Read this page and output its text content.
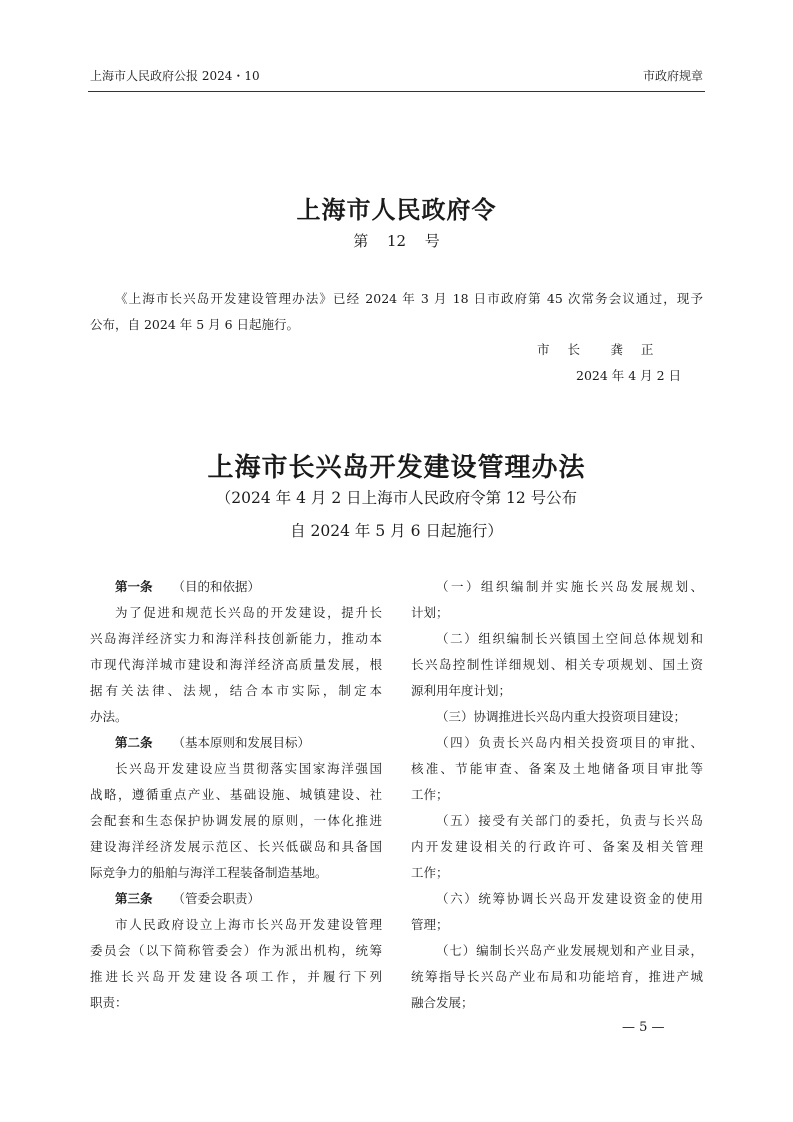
上海市人民政府公报 2024・10	市政府规章
上海市人民政府令
第 12 号
《上海市长兴岛开发建设管理办法》已经 2024 年 3 月 18 日市政府第 45 次常务会议通过，现予
公布，自 2024 年 5 月 6 日起施行。
市 长 　龚 正
2024 年 4 月 2 日
上海市长兴岛开发建设管理办法
（2024 年 4 月 2 日上海市人民政府令第 12 号公布
自 2024 年 5 月 6 日起施行）
第一条 （目的和依据）
为了促进和规范长兴岛的开发建设，提升长
兴岛海洋经济实力和海洋科技创新能力，推动本
市现代海洋城市建设和海洋经济高质量发展，根
据有关法律、法规，结合本市实际，制定本
办法。
第二条 （基本原则和发展目标）
长兴岛开发建设应当贯彻落实国家海洋强国
战略，遵循重点产业、基础设施、城镇建设、社
会配套和生态保护协调发展的原则，一体化推进
建设海洋经济发展示范区、长兴低碳岛和具备国
际竞争力的船舶与海洋工程装备制造基地。
第三条 （管委会职责）
市人民政府设立上海市长兴岛开发建设管理
委员会（以下简称管委会）作为派出机构，统筹
推进长兴岛开发建设各项工作，并履行下列
职责：
（一）组织编制并实施长兴岛发展规划、
计划；
（二）组织编制长兴镇国土空间总体规划和
长兴岛控制性详细规划、相关专项规划、国土资
源利用年度计划；
（三）协调推进长兴岛内重大投资项目建设；
（四）负责长兴岛内相关投资项目的审批、
核准、节能审查、备案及土地储备项目审批等
工作；
（五）接受有关部门的委托，负责与长兴岛
内开发建设相关的行政许可、备案及相关管理
工作；
（六）统筹协调长兴岛开发建设资金的使用
管理；
（七）编制长兴岛产业发展规划和产业目录，
统筹指导长兴岛产业布局和功能培育，推进产城
融合发展；
— 5 —
